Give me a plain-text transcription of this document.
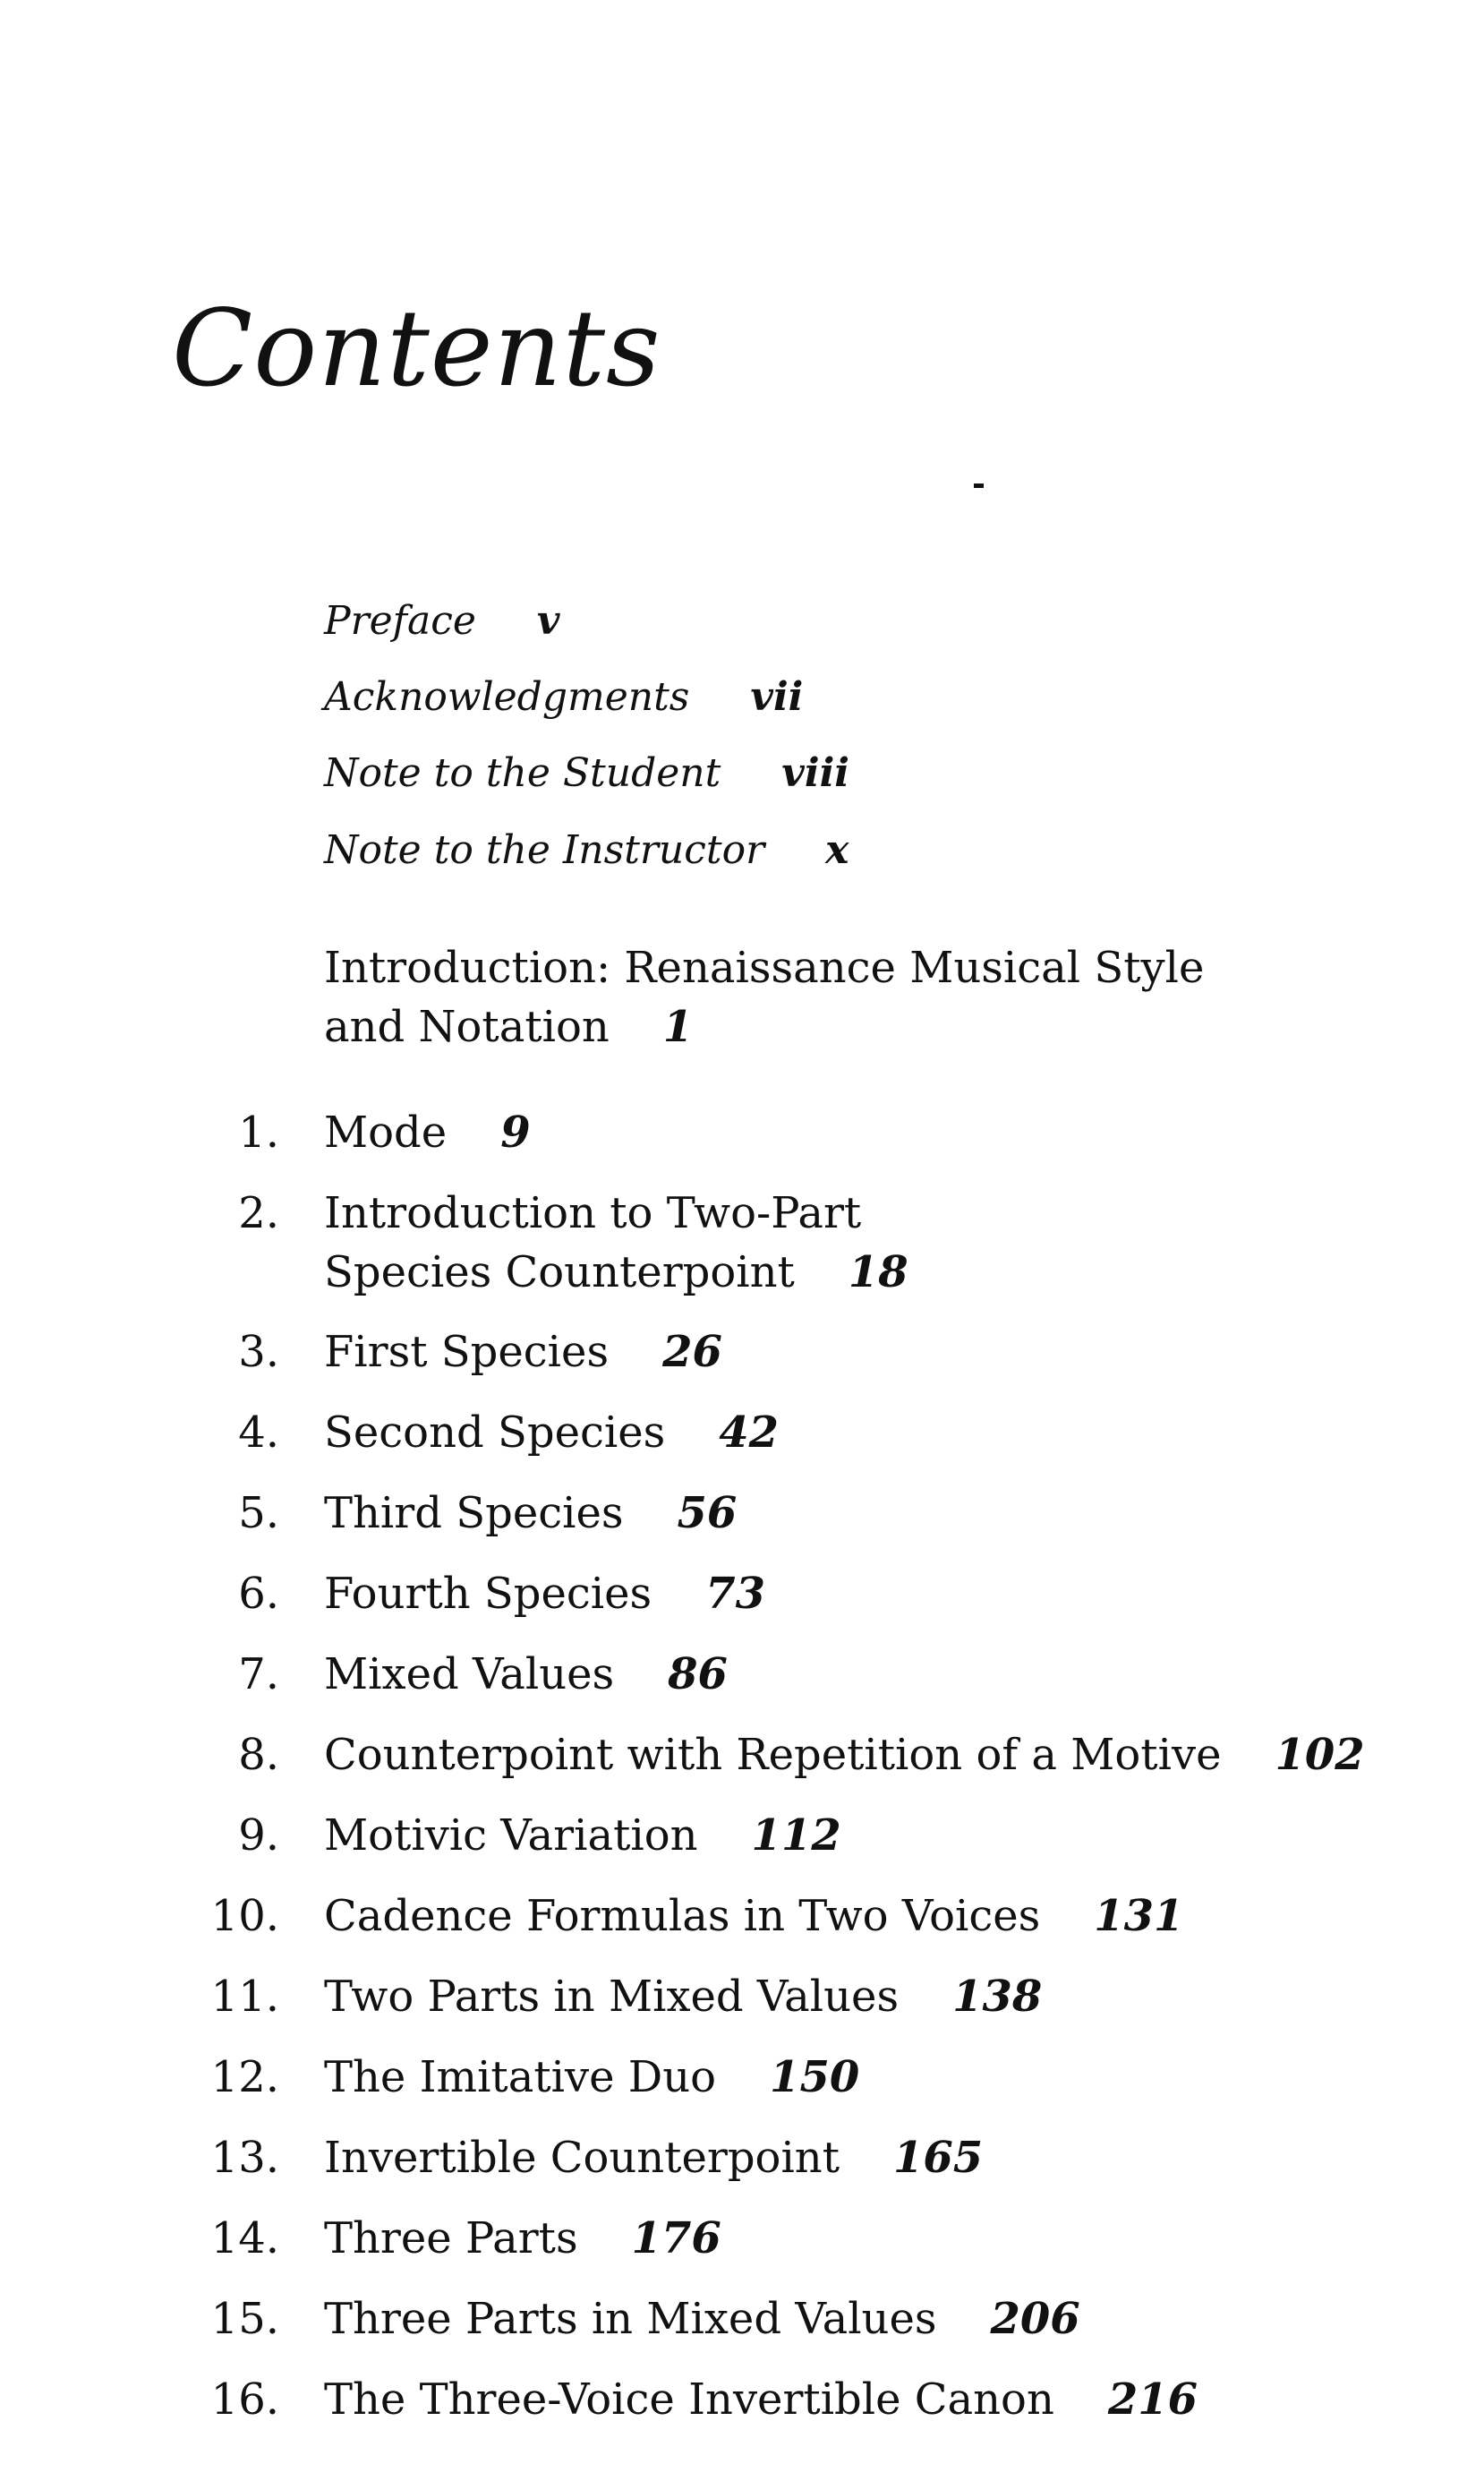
Contents
Preface v
Acknowledgments vii
Note to the Student viii
Note to the Instructor x
Introduction: Renaissance Musical Style and Notation 1
1. Mode 9
2. Introduction to Two-Part Species Counterpoint 18
3. First Species 26
4. Second Species 42
5. Third Species 56
6. Fourth Species 73
7. Mixed Values 86
8. Counterpoint with Repetition of a Motive 102
9. Motivic Variation 112
10. Cadence Formulas in Two Voices 131
11. Two Parts in Mixed Values 138
12. The Imitative Duo 150
13. Invertible Counterpoint 165
14. Three Parts 176
15. Three Parts in Mixed Values 206
16. The Three-Voice Invertible Canon 216
